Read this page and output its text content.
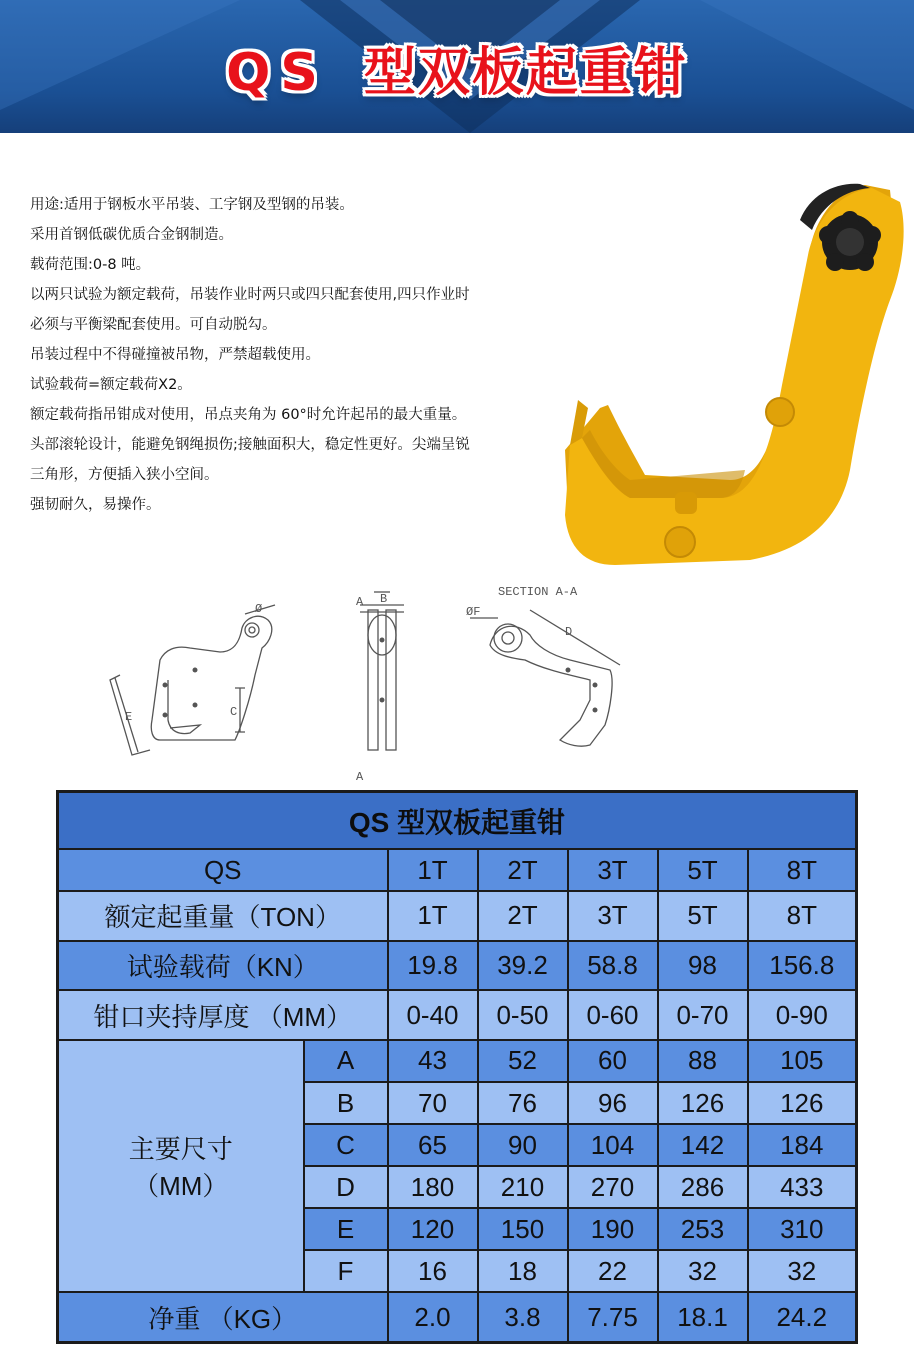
QS 型双板起重钳
用途:适用于钢板水平吊装、工字钢及型钢的吊装。
采用首钢低碳优质合金钢制造。
载荷范围:0-8 吨。
以两只试验为额定载荷，吊装作业时两只或四只配套使用,四只作业时
必须与平衡梁配套使用。可自动脱勾。
吊装过程中不得碰撞被吊物，严禁超载使用。
试验载荷=额定载荷X2。
额定载荷指吊钳成对使用，吊点夹角为 60°时允许起吊的最大重量。
头部滚轮设计，能避免钢绳损伤;接触面积大，稳定性更好。尖端呈锐
三角形，方便插入狭小空间。
强韧耐久，易操作。
SECTION A-A
A
A
B
C
D
E
ØF
Ø
QS 型双板起重钳						
QS		1T	2T	3T	5T	8T
额定起重量（TON）		1T	2T	3T	5T	8T
试验载荷（KN）		19.8	39.2	58.8	98	156.8
钳口夹持厚度 （MM）		0-40	0-50	0-60	0-70	0-90

主要尺寸
（MM）	A	43	52	60	88	105
	B	70	76	96	126	126
	C	65	90	104	142	184
	D	180	210	270	286	433
	E	120	150	190	253	310
	F	16	18	22	32	32
净重 （KG）		2.0	3.8	7.75	18.1	24.2
